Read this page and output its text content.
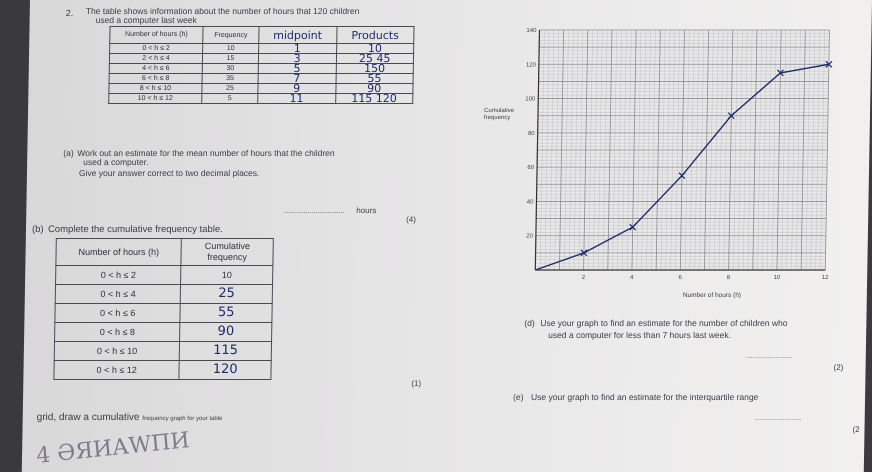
2. The table shows information about the number of hours that 120 children
used a computer last week
Number of hours (h)	Frequency	midpoint	Products
0 < h ≤ 2	10	1	10
2 < h ≤ 4	15	3	25 45
4 < h ≤ 6	30	5	150
6 < h ≤ 8	35	7	55
8 < h ≤ 10	25	9	90
10 < h ≤ 12	5	11	115 120
(a) Work out an estimate for the mean number of hours that the children
used a computer.
Give your answer correct to two decimal places.
............................... hours
(4)
(b) Complete the cumulative frequency table.
Number of hours (h)	Cumulative frequency
0 < h ≤ 2	10
0 < h ≤ 4	25
0 < h ≤ 6	55
0 < h ≤ 8	90
0 < h ≤ 10	115
0 < h ≤ 12	120
(1)
grid, draw a cumulative frequency graph for your table
4 ӘЯИАWПИ
20
40
60
80
100
120
140
2	4	6	8	10	12
Cumulative
frequency
Number of hours (h)
(d) Use your graph to find an estimate for the number of children who
used a computer for less than 7 hours last week.
............................
(2)
(e) Use your graph to find an estimate for the interquartile range
............................
(2
